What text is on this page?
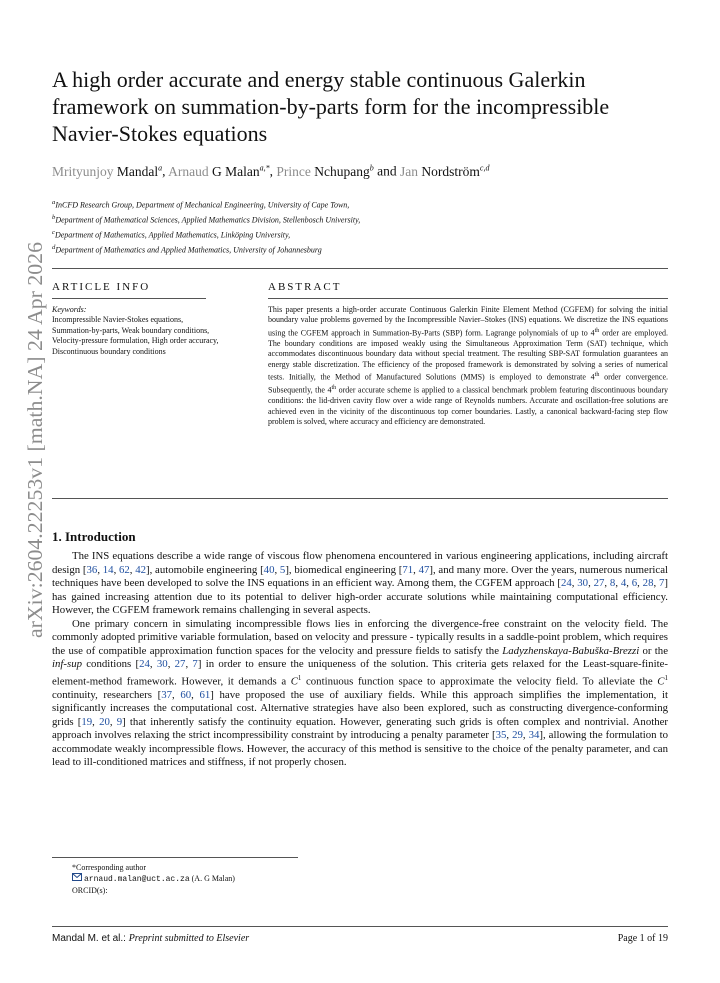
arXiv:2604.22253v1 [math.NA] 24 Apr 2026
A high order accurate and energy stable continuous Galerkin framework on summation-by-parts form for the incompressible Navier-Stokes equations
Mrityunjoy Mandal$^a$, Arnaud G Malan$^{a,*}$, Prince Nchupang$^b$ and Jan Nordström$^{c,d}$
$^a$InCFD Research Group, Department of Mechanical Engineering, University of Cape Town,
$^b$Department of Mathematical Sciences, Applied Mathematics Division, Stellenbosch University,
$^c$Department of Mathematics, Applied Mathematics, Linköping University,
$^d$Department of Mathematics and Applied Mathematics, University of Johannesburg
ARTICLE INFO	ABSTRACT
Keywords:
Incompressible Navier-Stokes equations, Summation-by-parts, Weak boundary conditions, Velocity-pressure formulation, High order accuracy, Discontinuous boundary conditions
This paper presents a high-order accurate Continuous Galerkin Finite Element Method (CGFEM) for solving the initial boundary value problems governed by the Incompressible Navier–Stokes (INS) equations. We discretize the INS equations using the CGFEM approach in Summation-By-Parts (SBP) form. Lagrange polynomials of up to 4th order are employed. The boundary conditions are imposed weakly using the Simultaneous Approximation Term (SAT) technique, which accommodates discontinuous boundary data without special treatment. The resulting SBP-SAT formulation guarantees an energy stable discretization. The efficiency of the proposed framework is demonstrated by solving a series of numerical tests. Initially, the Method of Manufactured Solutions (MMS) is employed to demonstrate 4th order convergence. Subsequently, the 4th order accurate scheme is applied to a classical benchmark problem featuring discontinuous boundary conditions: the lid-driven cavity flow over a wide range of Reynolds numbers. Accurate and oscillation-free solutions are achieved even in the vicinity of the discontinuous top corner boundaries. Lastly, a canonical backward-facing step flow problem is solved, where accuracy and efficiency are demonstrated.
1. Introduction

The INS equations describe a wide range of viscous flow phenomena encountered in various engineering applications, including aircraft design [36, 14, 62, 42], automobile engineering [40, 5], biomedical engineering [71, 47], and many more. Over the years, numerous numerical techniques have been developed to solve the INS equations in an efficient way. Among them, the CGFEM approach [24, 30, 27, 8, 4, 6, 28, 7] has gained increasing attention due to its potential to deliver high-order accurate solutions while maintaining computational efficiency. However, the CGFEM framework remains challenging in several aspects.

One primary concern in simulating incompressible flows lies in enforcing the divergence-free constraint on the velocity field. The commonly adopted primitive variable formulation, based on velocity and pressure - typically results in a saddle-point problem, which requires the use of compatible approximation function spaces for the velocity and pressure fields to satisfy the Ladyzhenskaya-Babuška-Brezzi or the inf-sup conditions [24, 30, 27, 7] in order to ensure the uniqueness of the solution. This criteria gets relaxed for the Least-square-finite-element-method framework. However, it demands a $C^1$ continuous function space to approximate the velocity field. To alleviate the $C^1$ continuity, researchers [37, 60, 61] have proposed the use of auxiliary fields. While this approach simplifies the implementation, it significantly increases the computational cost. Alternative strategies have also been explored, such as constructing divergence-conforming grids [19, 20, 9] that inherently satisfy the continuity equation. However, generating such grids is often complex and nontrivial. Another approach involves relaxing the strict incompressibility constraint by introducing a penalty parameter [35, 29, 34], allowing the formulation to accommodate weakly incompressible flows. However, the accuracy of this method is sensitive to the choice of the penalty parameter, and can lead to ill-conditioned matrices and stiffness, if not properly chosen.

*Corresponding author
arnaud.malan@uct.ac.za (A. G Malan)
ORCID(s):
Mandal M. et al.: Preprint submitted to Elsevier	Page 1 of 19
